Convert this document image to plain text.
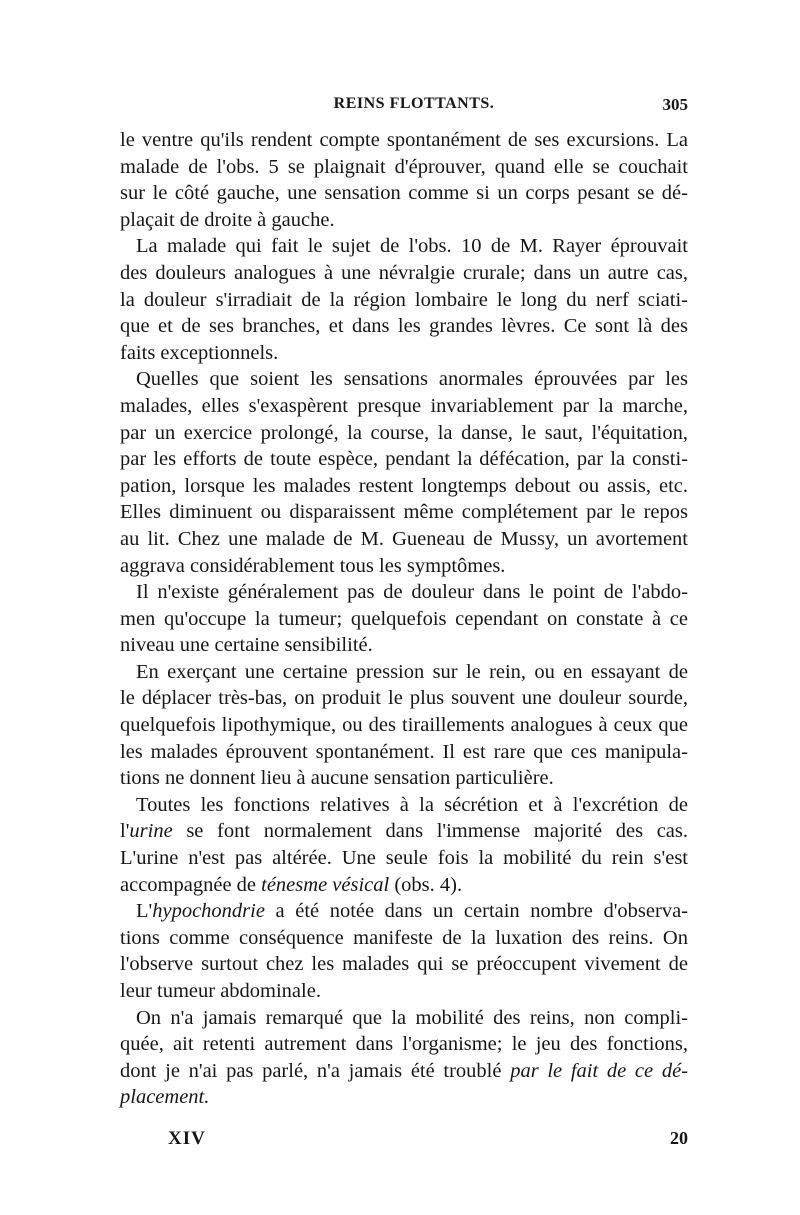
REINS FLOTTANTS.	305

le ventre qu'ils rendent compte spontanément de ses excursions. La
malade de l'obs. 5 se plaignait d'éprouver, quand elle se couchait
sur le côté gauche, une sensation comme si un corps pesant se dé-
plaçait de droite à gauche.

La malade qui fait le sujet de l'obs. 10 de M. Rayer éprouvait
des douleurs analogues à une névralgie crurale; dans un autre cas,
la douleur s'irradiait de la région lombaire le long du nerf sciati-
que et de ses branches, et dans les grandes lèvres. Ce sont là des
faits exceptionnels.

Quelles que soient les sensations anormales éprouvées par les
malades, elles s'exaspèrent presque invariablement par la marche,
par un exercice prolongé, la course, la danse, le saut, l'équitation,
par les efforts de toute espèce, pendant la défécation, par la consti-
pation, lorsque les malades restent longtemps debout ou assis, etc.
Elles diminuent ou disparaissent même complétement par le repos
au lit. Chez une malade de M. Gueneau de Mussy, un avortement
aggrava considérablement tous les symptômes.

Il n'existe généralement pas de douleur dans le point de l'abdo-
men qu'occupe la tumeur; quelquefois cependant on constate à ce
niveau une certaine sensibilité.

En exerçant une certaine pression sur le rein, ou en essayant de
le déplacer très-bas, on produit le plus souvent une douleur sourde,
quelquefois lipothymique, ou des tiraillements analogues à ceux que
les malades éprouvent spontanément. Il est rare que ces manipula-
tions ne donnent lieu à aucune sensation particulière.

Toutes les fonctions relatives à la sécrétion et à l'excrétion de
l'urine se font normalement dans l'immense majorité des cas.
L'urine n'est pas altérée. Une seule fois la mobilité du rein s'est
accompagnée de ténesme vésical (obs. 4).

L'hypochondrie a été notée dans un certain nombre d'observa-
tions comme conséquence manifeste de la luxation des reins. On
l'observe surtout chez les malades qui se préoccupent vivement de
leur tumeur abdominale.

On n'a jamais remarqué que la mobilité des reins, non compli-
quée, ait retenti autrement dans l'organisme; le jeu des fonctions,
dont je n'ai pas parlé, n'a jamais été troublé par le fait de ce dé-
placement.

XIV	20
